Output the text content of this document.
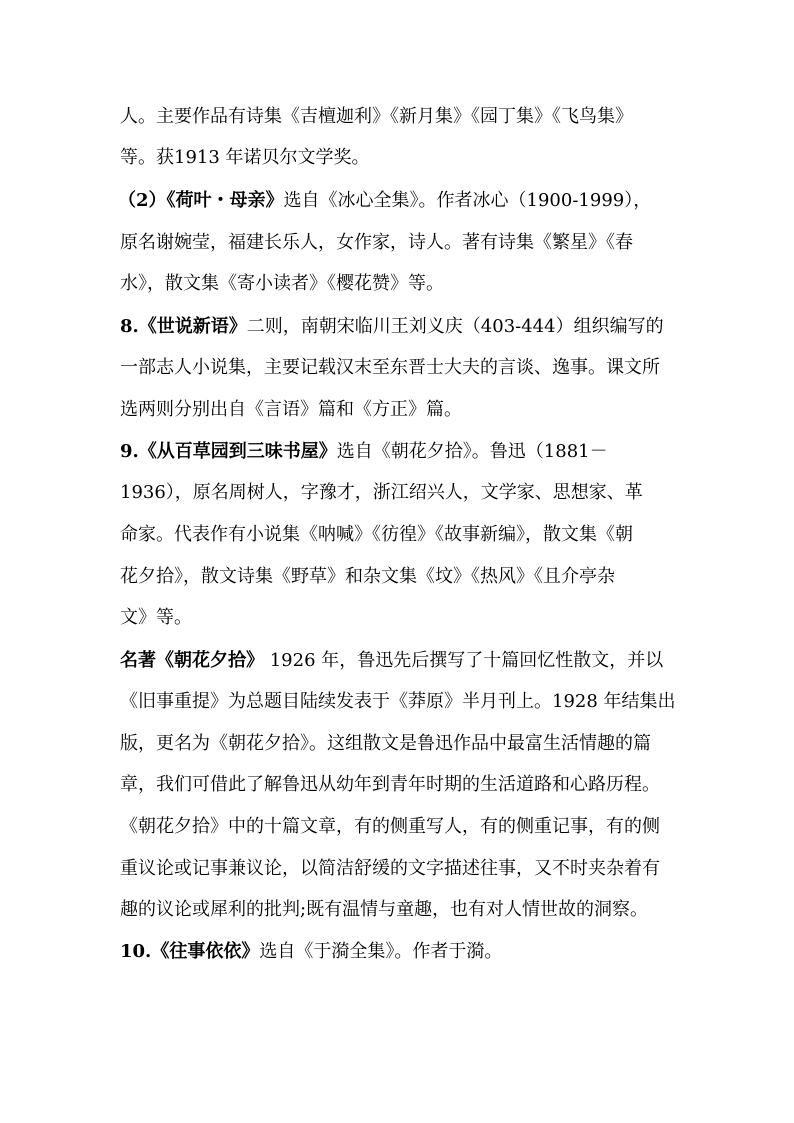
人。主要作品有诗集《吉檀迦利》《新月集》《园丁集》《飞鸟集》
等。获1913 年诺贝尔文学奖。
（2）《荷叶・母亲》选自《冰心全集》。作者冰心（1900-1999），
原名谢婉莹，福建长乐人，女作家，诗人。著有诗集《繁星》《春
水》，散文集《寄小读者》《樱花赞》等。
8.《世说新语》二则，南朝宋临川王刘义庆（403-444）组织编写的
一部志人小说集，主要记载汉末至东晋士大夫的言谈、逸事。课文所
选两则分别出自《言语》篇和《方正》篇。
9.《从百草园到三味书屋》选自《朝花夕拾》。鲁迅（1881－
1936），原名周树人，字豫才，浙江绍兴人，文学家、思想家、革
命家。代表作有小说集《呐喊》《彷徨》《故事新编》，散文集《朝
花夕拾》，散文诗集《野草》和杂文集《坟》《热风》《且介亭杂
文》等。
名著《朝花夕拾》 1926 年，鲁迅先后撰写了十篇回忆性散文，并以
《旧事重提》为总题目陆续发表于《莽原》半月刊上。1928 年结集出
版，更名为《朝花夕拾》。这组散文是鲁迅作品中最富生活情趣的篇
章，我们可借此了解鲁迅从幼年到青年时期的生活道路和心路历程。
《朝花夕拾》中的十篇文章，有的侧重写人，有的侧重记事，有的侧
重议论或记事兼议论，以简洁舒缓的文字描述往事，又不时夹杂着有
趣的议论或犀利的批判;既有温情与童趣，也有对人情世故的洞察。
10.《往事依依》选自《于漪全集》。作者于漪。
